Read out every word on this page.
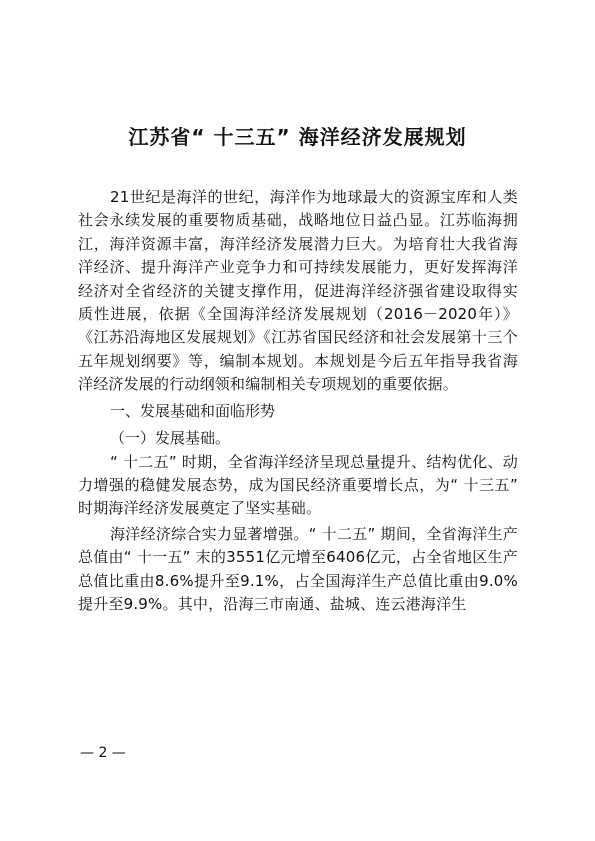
江苏省“ 十三五” 海洋经济发展规划

21世纪是海洋的世纪，海洋作为地球最大的资源宝库和人类社会永续发展的重要物质基础，战略地位日益凸显。江苏临海拥江，海洋资源丰富，海洋经济发展潜力巨大。为培育壮大我省海洋经济、提升海洋产业竞争力和可持续发展能力，更好发挥海洋经济对全省经济的关键支撑作用，促进海洋经济强省建设取得实质性进展，依据《全国海洋经济发展规划（2016－2020年）》《江苏沿海地区发展规划》《江苏省国民经济和社会发展第十三个五年规划纲要》等，编制本规划。本规划是今后五年指导我省海洋经济发展的行动纲领和编制相关专项规划的重要依据。

一、发展基础和面临形势

（一）发展基础。

“ 十二五” 时期，全省海洋经济呈现总量提升、结构优化、动力增强的稳健发展态势，成为国民经济重要增长点，为“ 十三五” 时期海洋经济发展奠定了坚实基础。

海洋经济综合实力显著增强。“ 十二五” 期间，全省海洋生产总值由“ 十一五” 末的3551亿元增至6406亿元，占全省地区生产总值比重由8.6%提升至9.1%，占全国海洋生产总值比重由9.0%提升至9.9%。其中，沿海三市南通、盐城、连云港海洋生

— 2 —
